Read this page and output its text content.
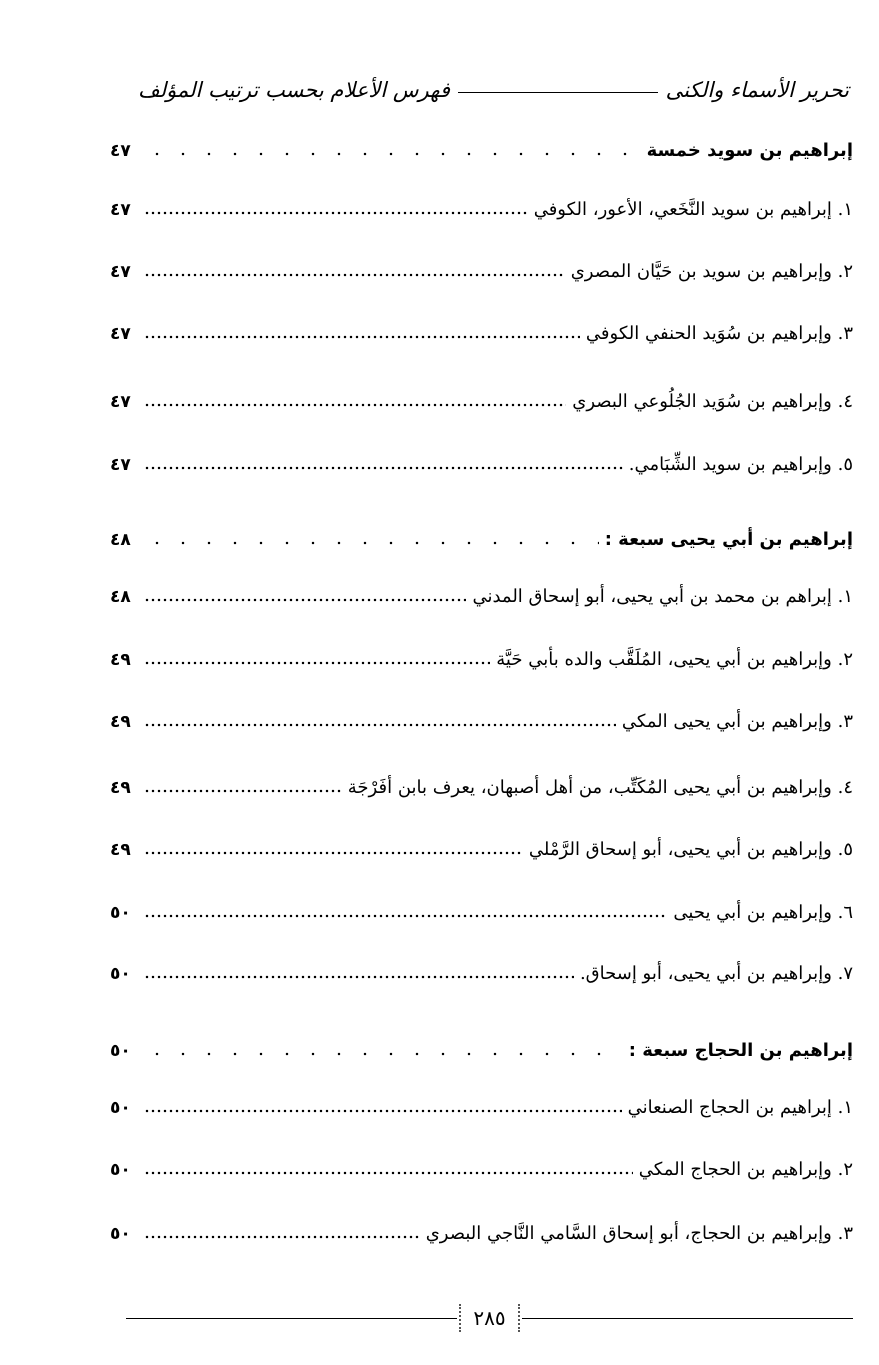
تحرير الأسماء والكنى
فهرس الأعلام بحسب ترتيب المؤلف
إبراهيم بن سويد خمسة
٤٧
١. إبراهيم بن سويد النَّخَعي، الأعور، الكوفي
٤٧
٢. وإبراهيم بن سويد بن حَيَّان المصري
٤٧
٣. وإبراهيم بن سُوَيد الحنفي الكوفي
٤٧
٤. وإبراهيم بن سُوَيد الجُلُوعي البصري
٤٧
٥. وإبراهيم بن سويد الشِّبَامي.
٤٧
إبراهيم بن أبي يحيى سبعة :
٤٨
١. إبراهم بن محمد بن أبي يحيى، أبو إسحاق المدني
٤٨
٢. وإبراهيم بن أبي يحيى، المُلَقَّب والده بأبي حَيَّة
٤٩
٣. وإبراهيم بن أبي يحيى المكي
٤٩
٤. وإبراهيم بن أبي يحيى المُكَتِّب، من أهل أصبهان، يعرف بابن أفَرْجَة
٤٩
٥. وإبراهيم بن أبي يحيى، أبو إسحاق الرَّمْلي
٤٩
٦. وإبراهيم بن أبي يحيى
٥٠
٧. وإبراهيم بن أبي يحيى، أبو إسحاق.
٥٠
إبراهيم بن الحجاج سبعة :
٥٠
١. إبراهيم بن الحجاج الصنعاني
٥٠
٢. وإبراهيم بن الحجاج المكي
٥٠
٣. وإبراهيم بن الحجاج، أبو إسحاق السَّامي النَّاجي البصري
٥٠
٢٨٥
